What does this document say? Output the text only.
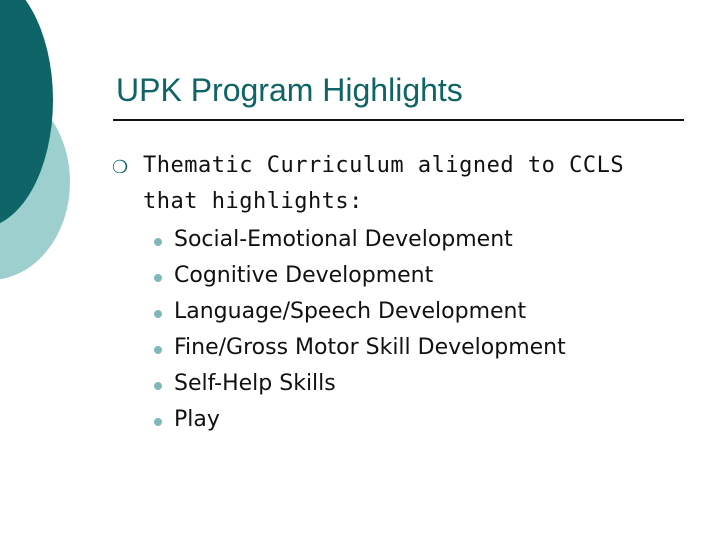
UPK Program Highlights
❍ Thematic Curriculum aligned to CCLS that highlights:

Social-Emotional Development
Cognitive Development
Language/Speech Development
Fine/Gross Motor Skill Development
Self-Help Skills
Play
